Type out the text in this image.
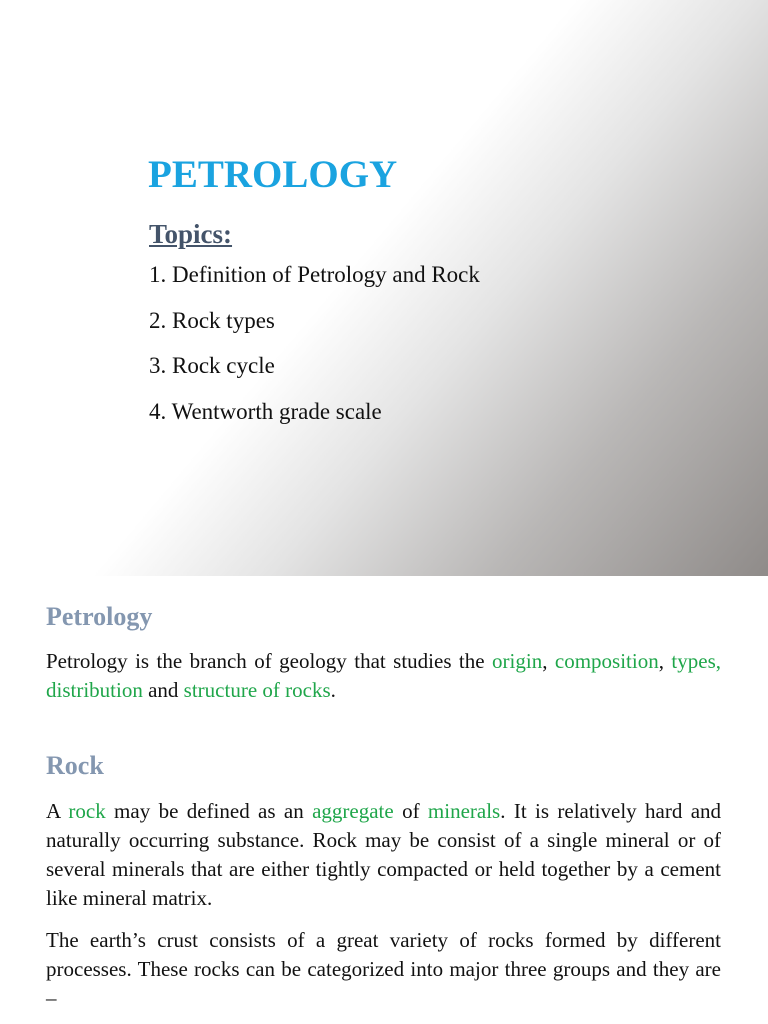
PETROLOGY
Topics:
1. Definition of Petrology and Rock
2. Rock types
3. Rock cycle
4. Wentworth grade scale
Petrology

Petrology is the branch of geology that studies the origin, composition, types, distribution and structure of rocks.

Rock

A rock may be defined as an aggregate of minerals. It is relatively hard and naturally occurring substance. Rock may be consist of a single mineral or of several minerals that are either tightly compacted or held together by a cement like mineral matrix.

The earth’s crust consists of a great variety of rocks formed by different processes. These rocks can be categorized into major three groups and they are –
